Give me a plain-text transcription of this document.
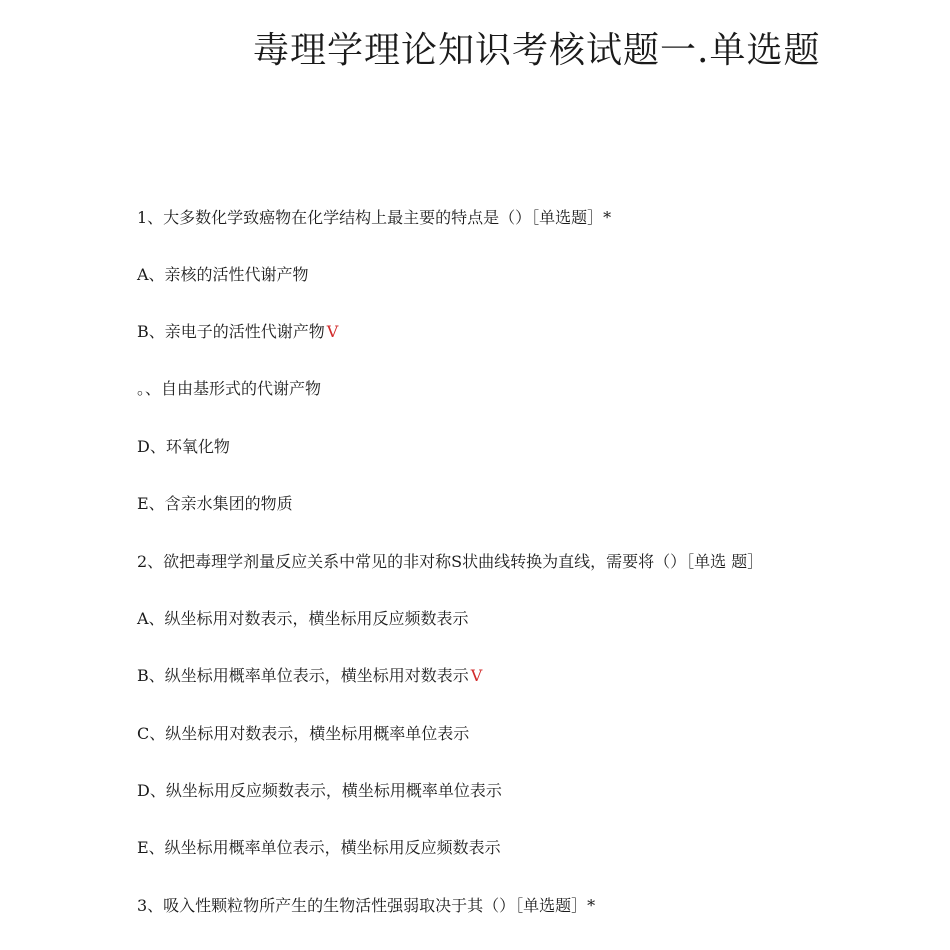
毒理学理论知识考核试题一.单选题
1、大多数化学致癌物在化学结构上最主要的特点是（）［单选题］*
A、亲核的活性代谢产物
B、亲电子的活性代谢产物 V
。、自由基形式的代谢产物
D、环氧化物
E、含亲水集团的物质
2、欲把毒理学剂量反应关系中常见的非对称S状曲线转换为直线，需要将（）［单选 题］
A、纵坐标用对数表示，横坐标用反应频数表示
B、纵坐标用概率单位表示，横坐标用对数表示 V
C、纵坐标用对数表示，横坐标用概率单位表示
D、纵坐标用反应频数表示，横坐标用概率单位表示
E、纵坐标用概率单位表示，横坐标用反应频数表示
3、吸入性颗粒物所产生的生物活性强弱取决于其（）［单选题］*
